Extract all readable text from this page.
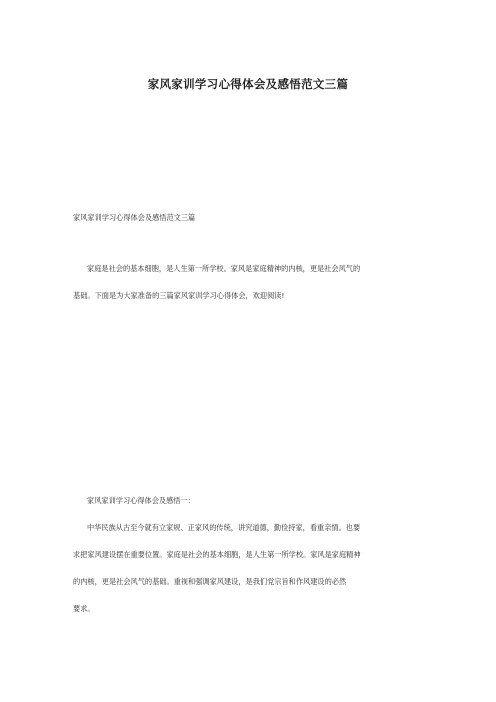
家风家训学习心得体会及感悟范文三篇

家风家训学习心得体会及感悟范文三篇

家庭是社会的基本细胞，是人生第一所学校。家风是家庭精神的内核，更是社会风气的
基础。下面是为大家准备的三篇家风家训学习心得体会，欢迎阅读!

家风家训学习心得体会及感悟一：

中华民族从古至今就有立家规、正家风的传统，讲究道德，勤俭持家，看重亲情。也要
求把家风建设摆在重要位置。家庭是社会的基本细胞，是人生第一所学校。家风是家庭精神
的内核，更是社会风气的基础。重视和强调家风建设，是我们党宗旨和作风建设的必然
要求。
